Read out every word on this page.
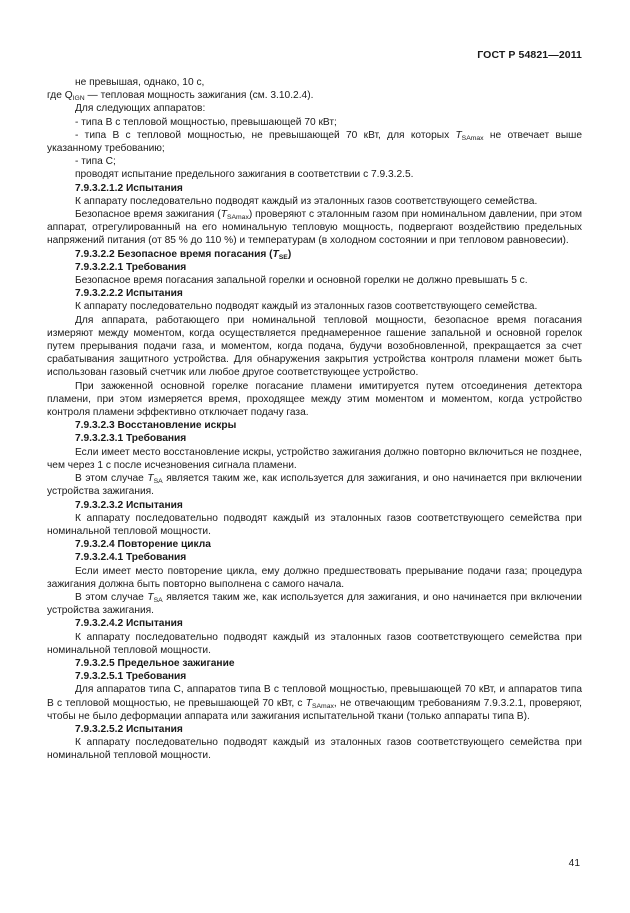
ГОСТ Р 54821—2011

не превышая, однако, 10 с,

где $Q_{IGN}$ — тепловая мощность зажигания (см. 3.10.2.4).

Для следующих аппаратов:

- типа В с тепловой мощностью, превышающей 70 кВт;

- типа В с тепловой мощностью, не превышающей 70 кВт, для которых $T_{SAmax}$ не отвечает выше указанному требованию;

- типа С;

проводят испытание предельного зажигания в соответствии с 7.9.3.2.5.

7.9.3.2.1.2 Испытания

К аппарату последовательно подводят каждый из эталонных газов соответствующего семейства.

Безопасное время зажигания $(T_{SAmax})$ проверяют с эталонным газом при номинальном давлении, при этом аппарат, отрегулированный на его номинальную тепловую мощность, подвергают воздействию предельных напряжений питания (от 85 % до 110 %) и температурам (в холодном состоянии и при тепловом равновесии).

7.9.3.2.2 Безопасное время погасания $(T_{SE})$

7.9.3.2.2.1 Требования

Безопасное время погасания запальной горелки и основной горелки не должно превышать 5 с.

7.9.3.2.2.2 Испытания

К аппарату последовательно подводят каждый из эталонных газов соответствующего семейства.

Для аппарата, работающего при номинальной тепловой мощности, безопасное время погасания измеряют между моментом, когда осуществляется преднамеренное гашение запальной и основной горелок путем прерывания подачи газа, и моментом, когда подача, будучи возобновленной, прекращается за счет срабатывания защитного устройства. Для обнаружения закрытия устройства контроля пламени может быть использован газовый счетчик или любое другое соответствующее устройство.

При зажженной основной горелке погасание пламени имитируется путем отсоединения детектора пламени, при этом измеряется время, проходящее между этим моментом и моментом, когда устройство контроля пламени эффективно отключает подачу газа.

7.9.3.2.3 Восстановление искры

7.9.3.2.3.1 Требования

Если имеет место восстановление искры, устройство зажигания должно повторно включиться не позднее, чем через 1 с после исчезновения сигнала пламени.

В этом случае $T_{SA}$ является таким же, как используется для зажигания, и оно начинается при включении устройства зажигания.

7.9.3.2.3.2 Испытания

К аппарату последовательно подводят каждый из эталонных газов соответствующего семейства при номинальной тепловой мощности.

7.9.3.2.4 Повторение цикла

7.9.3.2.4.1 Требования

Если имеет место повторение цикла, ему должно предшествовать прерывание подачи газа; процедура зажигания должна быть повторно выполнена с самого начала.

В этом случае $T_{SA}$ является таким же, как используется для зажигания, и оно начинается при включении устройства зажигания.

7.9.3.2.4.2 Испытания

К аппарату последовательно подводят каждый из эталонных газов соответствующего семейства при номинальной тепловой мощности.

7.9.3.2.5 Предельное зажигание

7.9.3.2.5.1 Требования

Для аппаратов типа С, аппаратов типа В с тепловой мощностью, превышающей 70 кВт, и аппаратов типа В с тепловой мощностью, не превышающей 70 кВт, с $T_{SAmax}$, не отвечающим требованиям 7.9.3.2.1, проверяют, чтобы не было деформации аппарата или зажигания испытательной ткани (только аппараты типа В).

7.9.3.2.5.2 Испытания

К аппарату последовательно подводят каждый из эталонных газов соответствующего семейства при номинальной тепловой мощности.

41
